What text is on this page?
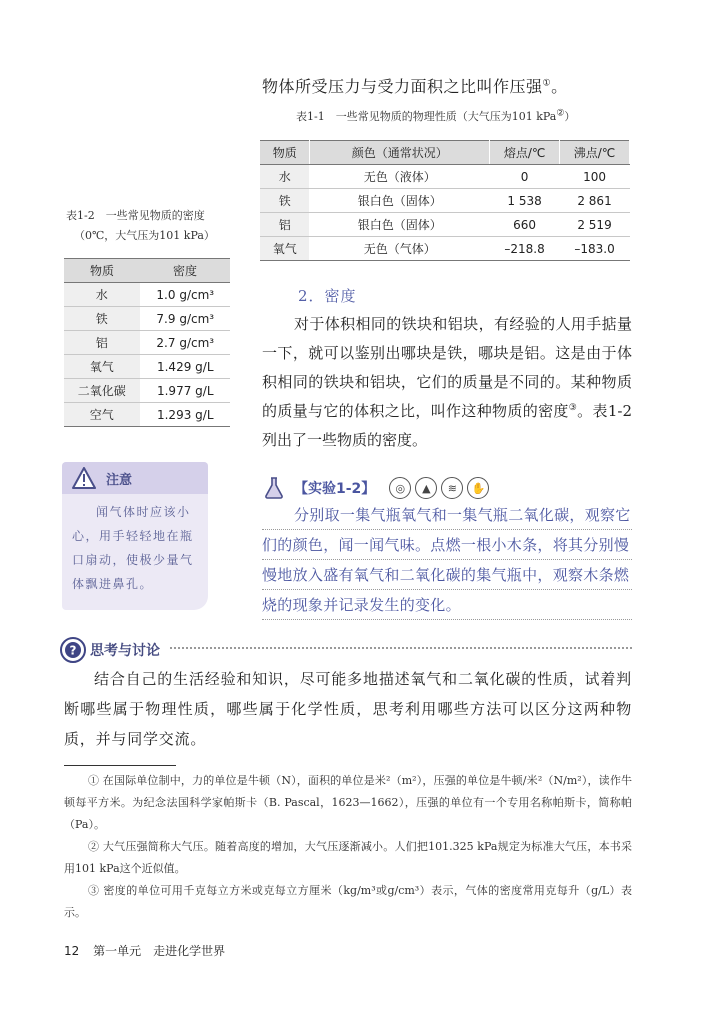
物体所受压力与受力面积之比叫作压强①。
表1-1　一些常见物质的物理性质（大气压为101 kPa②）
物质	颜色（通常状况）	熔点/℃	沸点/℃
水	无色（液体）	0	100
铁	银白色（固体）	1 538	2 861
铝	银白色（固体）	660	2 519
氧气	无色（气体）	–218.8	–183.0
表1-2　一些常见物质的密度
（0℃，大气压为101 kPa）
物质	密度
水	1.0 g/cm³
铁	7.9 g/cm³
铝	2.7 g/cm³
氧气	1.429 g/L
二氧化碳	1.977 g/L
空气	1.293 g/L
2．密度
对于体积相同的铁块和铝块，有经验的人用手掂量一下，就可以鉴别出哪块是铁，哪块是铝。这是由于体积相同的铁块和铝块，它们的质量是不同的。某种物质的质量与它的体积之比，叫作这种物质的密度③。表1-2列出了一些物质的密度。
注意
闻气体时应该小心，用手轻轻地在瓶口扇动，使极少量气体飘进鼻孔。
【实验1-2】	◎	▲	≋	✋
分别取一集气瓶氧气和一集气瓶二氧化碳，观察它们的颜色，闻一闻气味。点燃一根小木条，将其分别慢慢地放入盛有氧气和二氧化碳的集气瓶中，观察木条燃烧的现象并记录发生的变化。
? 思考与讨论
结合自己的生活经验和知识，尽可能多地描述氧气和二氧化碳的性质，试着判断哪些属于物理性质，哪些属于化学性质，思考利用哪些方法可以区分这两种物质，并与同学交流。

① 在国际单位制中，力的单位是牛顿（N），面积的单位是米²（m²），压强的单位是牛顿/米²（N/m²），读作牛顿每平方米。为纪念法国科学家帕斯卡（B. Pascal，1623—1662），压强的单位有一个专用名称帕斯卡，简称帕（Pa）。

② 大气压强简称大气压。随着高度的增加，大气压逐渐减小。人们把101.325 kPa规定为标准大气压，本书采用101 kPa这个近似值。

③ 密度的单位可用千克每立方米或克每立方厘米（kg/m³或g/cm³）表示，气体的密度常用克每升（g/L）表示。

12 第一单元　走进化学世界
